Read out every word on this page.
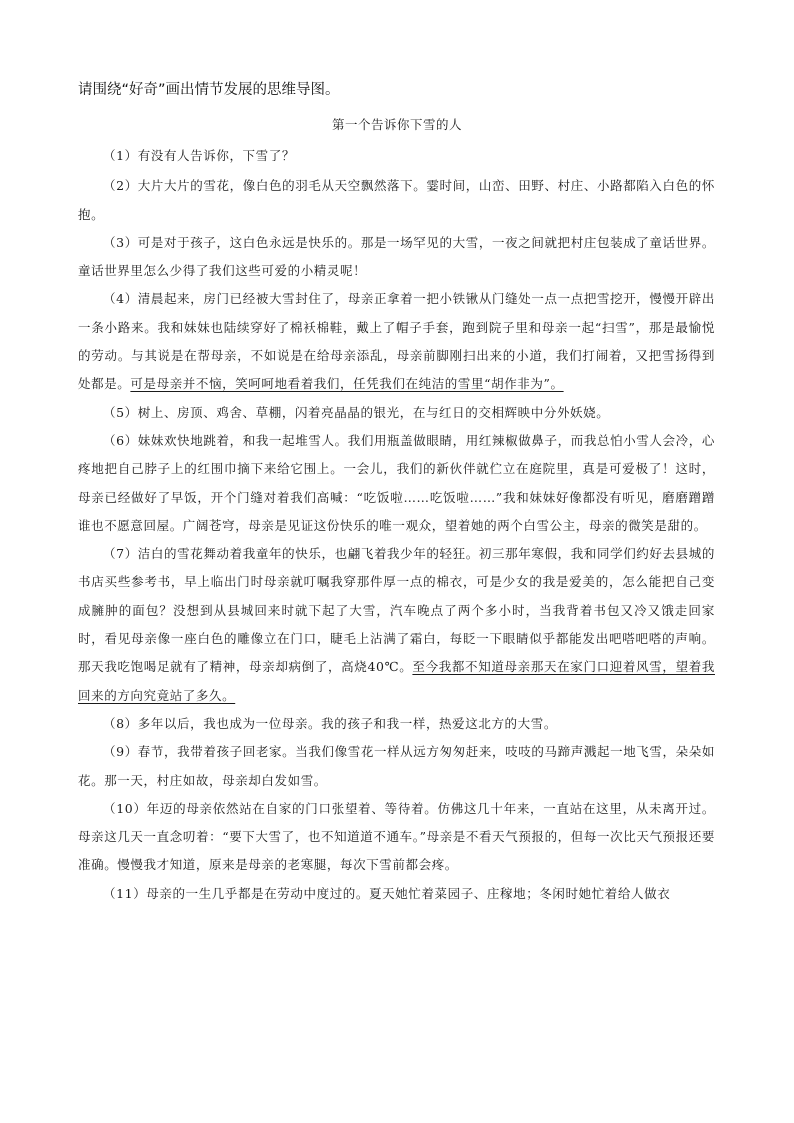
请围绕“好奇”画出情节发展的思维导图。
第一个告诉你下雪的人

（1）有没有人告诉你，下雪了？

（2）大片大片的雪花，像白色的羽毛从天空飘然落下。霎时间，山峦、田野、村庄、小路都陷入白色的怀抱。

（3）可是对于孩子，这白色永远是快乐的。那是一场罕见的大雪，一夜之间就把村庄包装成了童话世界。童话世界里怎么少得了我们这些可爱的小精灵呢！

（4）清晨起来，房门已经被大雪封住了，母亲正拿着一把小铁锹从门缝处一点一点把雪挖开，慢慢开辟出一条小路来。我和妹妹也陆续穿好了棉袄棉鞋，戴上了帽子手套，跑到院子里和母亲一起“扫雪”，那是最愉悦的劳动。与其说是在帮母亲，不如说是在给母亲添乱，母亲前脚刚扫出来的小道，我们打闹着，又把雪扬得到处都是。可是母亲并不恼，笑呵呵地看着我们，任凭我们在纯洁的雪里“胡作非为”。

（5）树上、房顶、鸡舍、草棚，闪着亮晶晶的银光，在与红日的交相辉映中分外妖娆。

（6）妹妹欢快地跳着，和我一起堆雪人。我们用瓶盖做眼睛，用红辣椒做鼻子，而我总怕小雪人会冷，心疼地把自己脖子上的红围巾摘下来给它围上。一会儿，我们的新伙伴就伫立在庭院里，真是可爱极了！这时，母亲已经做好了早饭，开个门缝对着我们高喊：“吃饭啦……吃饭啦……”我和妹妹好像都没有听见，磨磨蹭蹭谁也不愿意回屋。广阔苍穹，母亲是见证这份快乐的唯一观众，望着她的两个白雪公主，母亲的微笑是甜的。

（7）洁白的雪花舞动着我童年的快乐，也翩飞着我少年的轻狂。初三那年寒假，我和同学们约好去县城的书店买些参考书，早上临出门时母亲就叮嘱我穿那件厚一点的棉衣，可是少女的我是爱美的，怎么能把自己变成臃肿的面包？没想到从县城回来时就下起了大雪，汽车晚点了两个多小时，当我背着书包又冷又饿走回家时，看见母亲像一座白色的雕像立在门口，睫毛上沾满了霜白，每眨一下眼睛似乎都能发出吧嗒吧嗒的声响。那天我吃饱喝足就有了精神，母亲却病倒了，高烧40℃。至今我都不知道母亲那天在家门口迎着风雪，望着我回来的方向究竟站了多久。

（8）多年以后，我也成为一位母亲。我的孩子和我一样，热爱这北方的大雪。

（9）春节，我带着孩子回老家。当我们像雪花一样从远方匆匆赶来，吱吱的马蹄声溅起一地飞雪，朵朵如花。那一天，村庄如故，母亲却白发如雪。

（10）年迈的母亲依然站在自家的门口张望着、等待着。仿佛这几十年来，一直站在这里，从未离开过。母亲这几天一直念叨着：“要下大雪了，也不知道道不通车。”母亲是不看天气预报的，但每一次比天气预报还要准确。慢慢我才知道，原来是母亲的老寒腿，每次下雪前都会疼。

（11）母亲的一生几乎都是在劳动中度过的。夏天她忙着菜园子、庄稼地；冬闲时她忙着给人做衣
